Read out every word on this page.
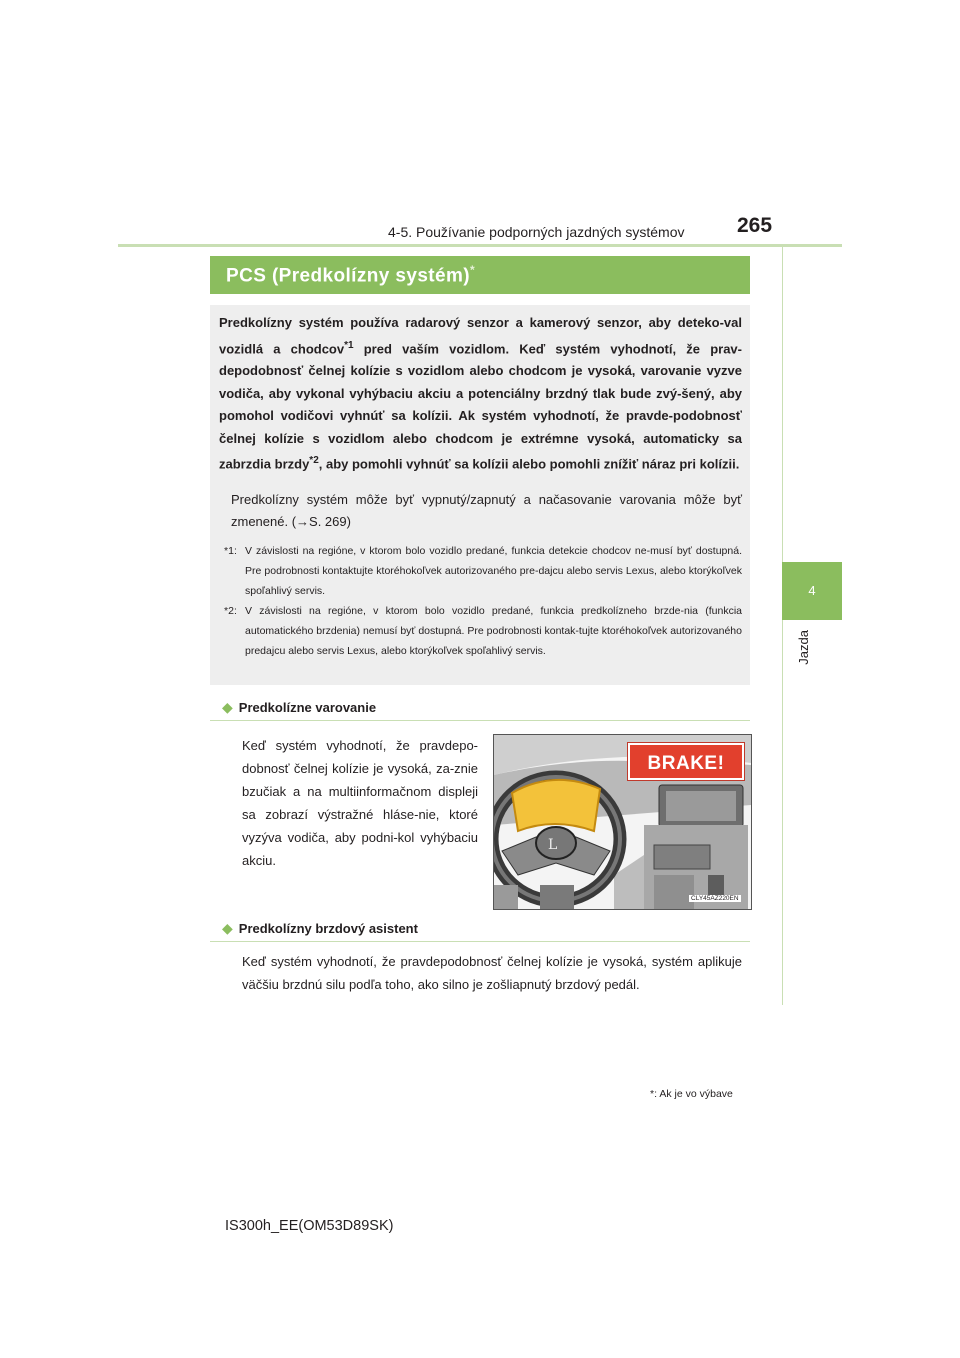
4-5. Používanie podporných jazdných systémov	265
4
Jazda
PCS (Predkolízny systém)*
Predkolízny systém používa radarový senzor a kamerový senzor, aby deteko-val vozidlá a chodcov$^{*1}$ pred vaším vozidlom. Keď systém vyhodnotí, že prav-depodobnosť čelnej kolízie s vozidlom alebo chodcom je vysoká, varovanie vyzve vodiča, aby vykonal vyhýbaciu akciu a potenciálny brzdný tlak bude zvý-šený, aby pomohol vodičovi vyhnúť sa kolízii. Ak systém vyhodnotí, že pravde-podobnosť čelnej kolízie s vozidlom alebo chodcom je extrémne vysoká, automaticky sa zabrzdia brzdy$^{*2}$, aby pomohli vyhnúť sa kolízii alebo pomohli znížiť náraz pri kolízii.
Predkolízny systém môže byť vypnutý/zapnutý a načasovanie varovania môže byť zmenené. (→S. 269)
*1: V závislosti na regióne, v ktorom bolo vozidlo predané, funkcia detekcie chodcov ne-musí byť dostupná. Pre podrobnosti kontaktujte ktoréhokoľvek autorizovaného pre-dajcu alebo servis Lexus, alebo ktorýkoľvek spoľahlivý servis.
*2: V závislosti na regióne, v ktorom bolo vozidlo predané, funkcia predkolízneho brzde-nia (funkcia automatického brzdenia) nemusí byť dostupná. Pre podrobnosti kontak-tujte ktoréhokoľvek autorizovaného predajcu alebo servis Lexus, alebo ktorýkoľvek spoľahlivý servis.
◆ Predkolízne varovanie
Keď systém vyhodnotí, že pravdepo-dobnosť čelnej kolízie je vysoká, za-znie bzučiak a na multiinformačnom displeji sa zobrazí výstražné hláse-nie, ktoré vyzýva vodiča, aby podni-kol vyhýbaciu akciu.
L
BRAKE!
CLY45AZ220EN
◆ Predkolízny brzdový asistent
Keď systém vyhodnotí, že pravdepodobnosť čelnej kolízie je vysoká, systém aplikuje väčšiu brzdnú silu podľa toho, ako silno je zošliapnutý brzdový pedál.
*: Ak je vo výbave
IS300h_EE(OM53D89SK)
